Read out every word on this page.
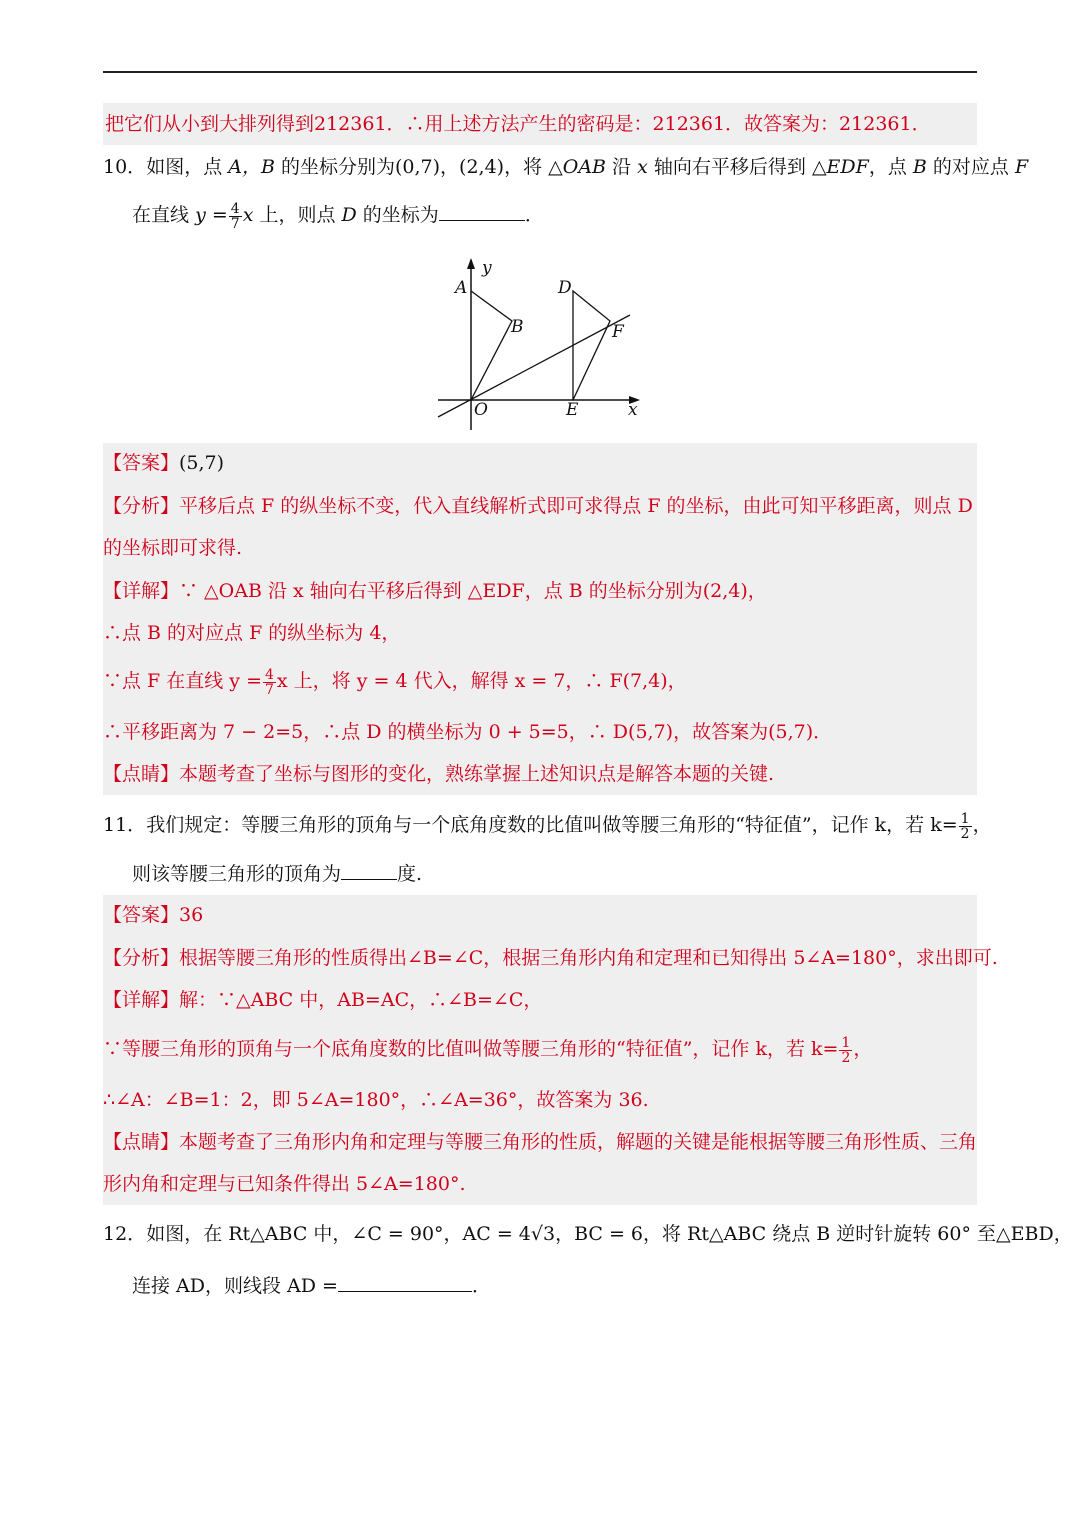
把它们从小到大排列得到212361．∴用上述方法产生的密码是：212361．故答案为：212361．
10．如图，点 A，B 的坐标分别为(0,7)，(2,4)，将 △OAB 沿 x 轴向右平移后得到 △EDF，点 B 的对应点 F
在直线 $y = \frac{4}{7}$ x 上，则点 D 的坐标为	．
y
A
B
D
F
O	E	x
【答案】(5,7)
【分析】平移后点 F 的纵坐标不变，代入直线解析式即可求得点 F 的坐标，由此可知平移距离，则点 D
的坐标即可求得.
【详解】∵ △OAB 沿 x 轴向右平移后得到 △EDF，点 B 的坐标分别为(2,4)，
∴点 B 的对应点 F 的纵坐标为 4，
∵点 F 在直线 $y = \frac{4}{7}$ x 上，将 y = 4 代入，解得 x = 7，∴ F(7,4)，
∴平移距离为 7 − 2=5，∴点 D 的横坐标为 0 + 5=5，∴ D(5,7)，故答案为(5,7)．
【点睛】本题考查了坐标与图形的变化，熟练掌握上述知识点是解答本题的关键.
11．我们规定：等腰三角形的顶角与一个底角度数的比值叫做等腰三角形的“特征值”，记作 k，若 $k= \frac{1}{2}$ ，
则该等腰三角形的顶角为	度.
【答案】36
【分析】根据等腰三角形的性质得出∠B=∠C，根据三角形内角和定理和已知得出 5∠A=180°，求出即可.
【详解】解：∵△ABC 中，AB=AC，∴∠B=∠C，
∵等腰三角形的顶角与一个底角度数的比值叫做等腰三角形的“特征值”，记作 k，若 $k= \frac{1}{2}$ ，
∴∠A：∠B=1：2，即 5∠A=180°，∴∠A=36°，故答案为 36.
【点睛】本题考查了三角形内角和定理与等腰三角形的性质，解题的关键是能根据等腰三角形性质、三角
形内角和定理与已知条件得出 5∠A=180°.
12．如图，在 Rt△ABC 中，∠C = 90°，AC = 4√3，BC = 6，将 Rt△ABC 绕点 B 逆时针旋转 60° 至△EBD，
连接 AD，则线段 AD =	．
